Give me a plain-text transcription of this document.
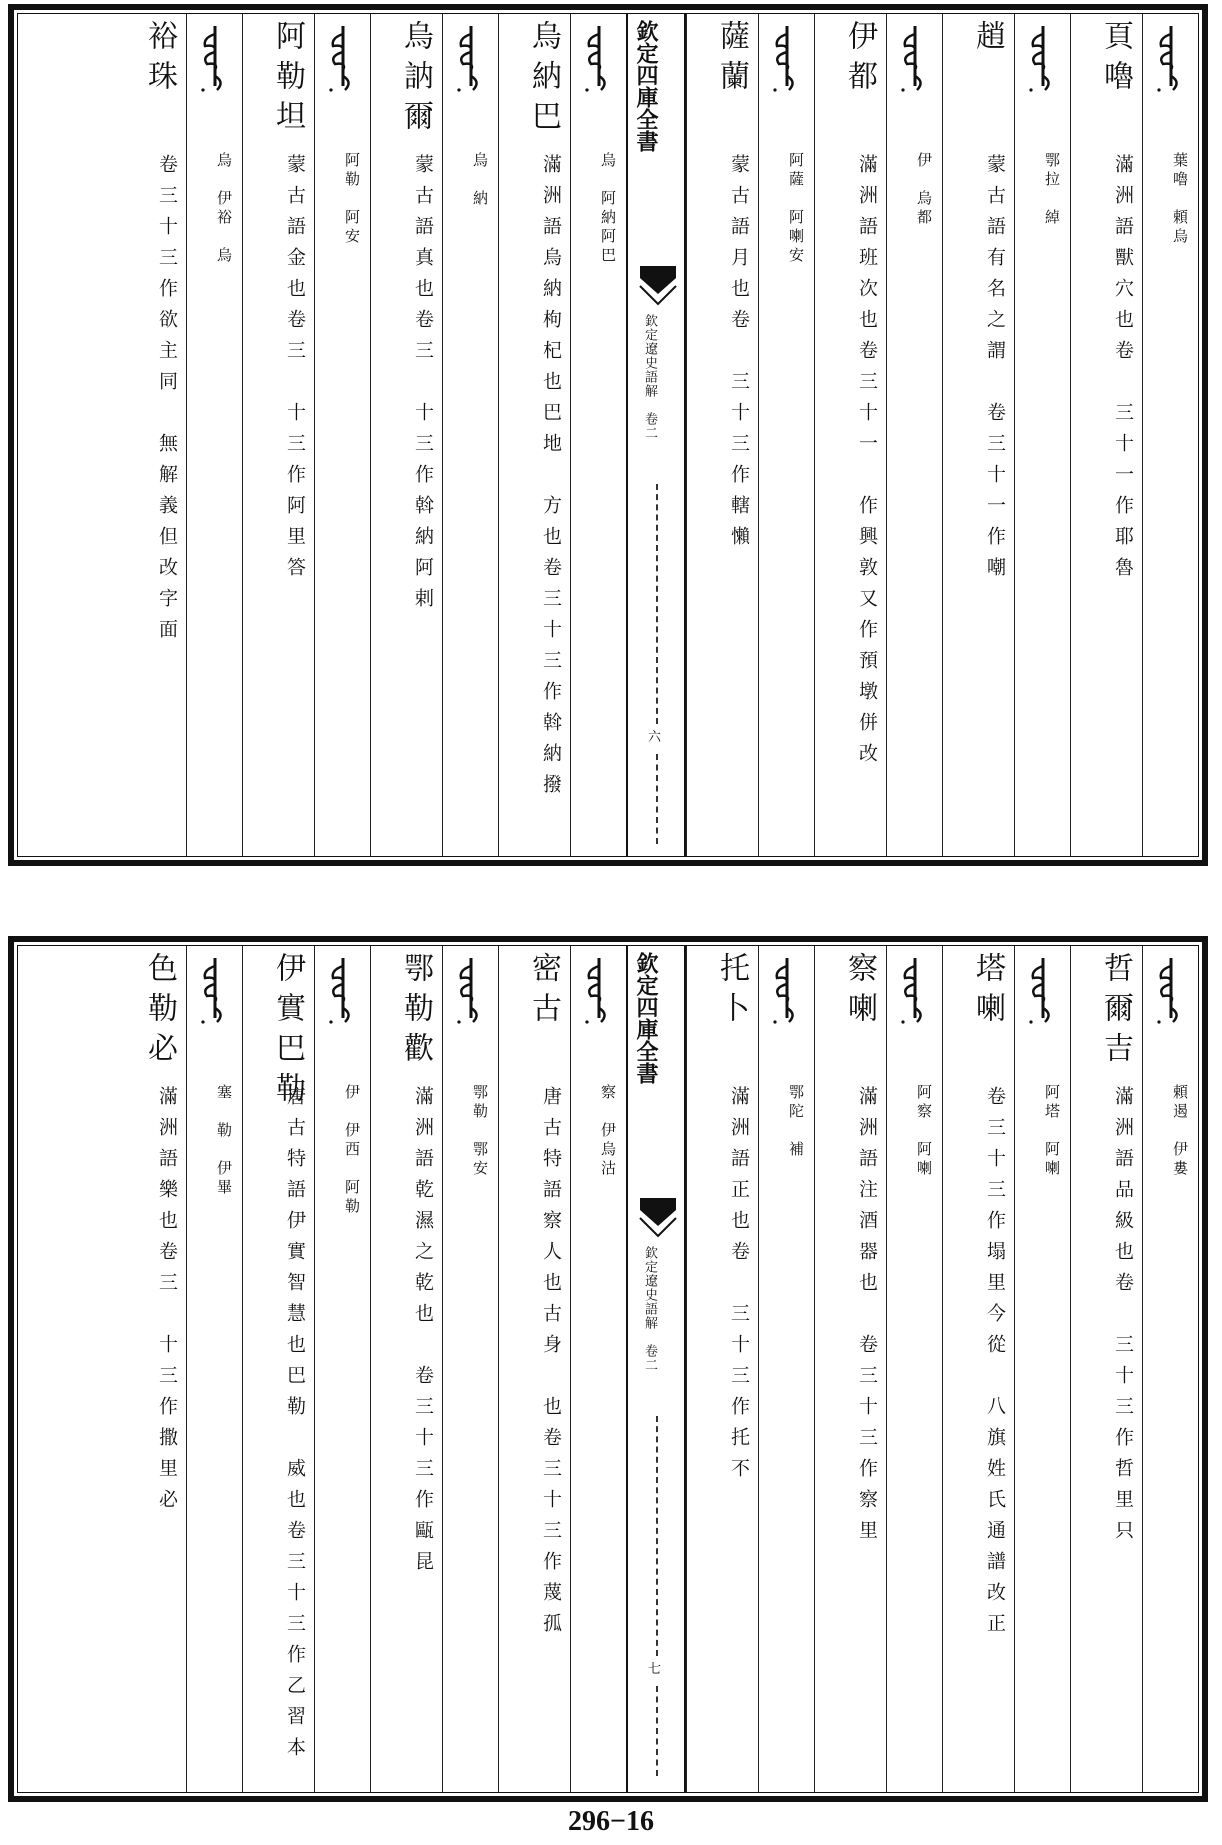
葉嚕　頼烏
頁嚕
滿洲語獸穴也卷　三十一作耶魯
鄂拉　綽
趙
蒙古語有名之謂　卷三十一作嘲
伊　烏都
伊都
滿洲語班次也卷三十一　作興敦又作預墩併改
阿薩　阿喇安
薩蘭
蒙古語月也卷　三十三作轄懶
欽定四庫全書
欽定遼史語解　卷二
六
烏　阿納阿巴
烏納巴
滿洲語烏納枸杞也巴地　方也卷三十三作斡納撥
烏　納
烏訥爾
蒙古語真也卷三　十三作斡納阿剌
阿勒　阿安
阿勒坦
蒙古語金也卷三　十三作阿里答
烏　伊裕　烏
裕珠
卷三十三作欲主同　無解義但改字面
頼遏　伊婁
哲爾吉
滿洲語品級也卷　三十三作哲里只
阿塔　阿喇
塔喇
卷三十三作塌里今從　八旗姓氏通譜改正
阿察　阿喇
察喇
滿洲語注酒器也　卷三十三作察里
鄂陀　補
托卜
滿洲語正也卷　三十三作托不
欽定四庫全書
欽定遼史語解　卷二
七
察　伊烏沽
密古
唐古特語察人也古身　也卷三十三作蔑孤
鄂勒　鄂安
鄂勒歡
滿洲語乾濕之乾也　卷三十三作甌昆
伊　伊西　阿勒
伊實巴勒
唐古特語伊實智慧也巴勒　威也卷三十三作乙習本
塞　勒　伊畢
色勒必
滿洲語樂也卷三　十三作撒里必
296−16
